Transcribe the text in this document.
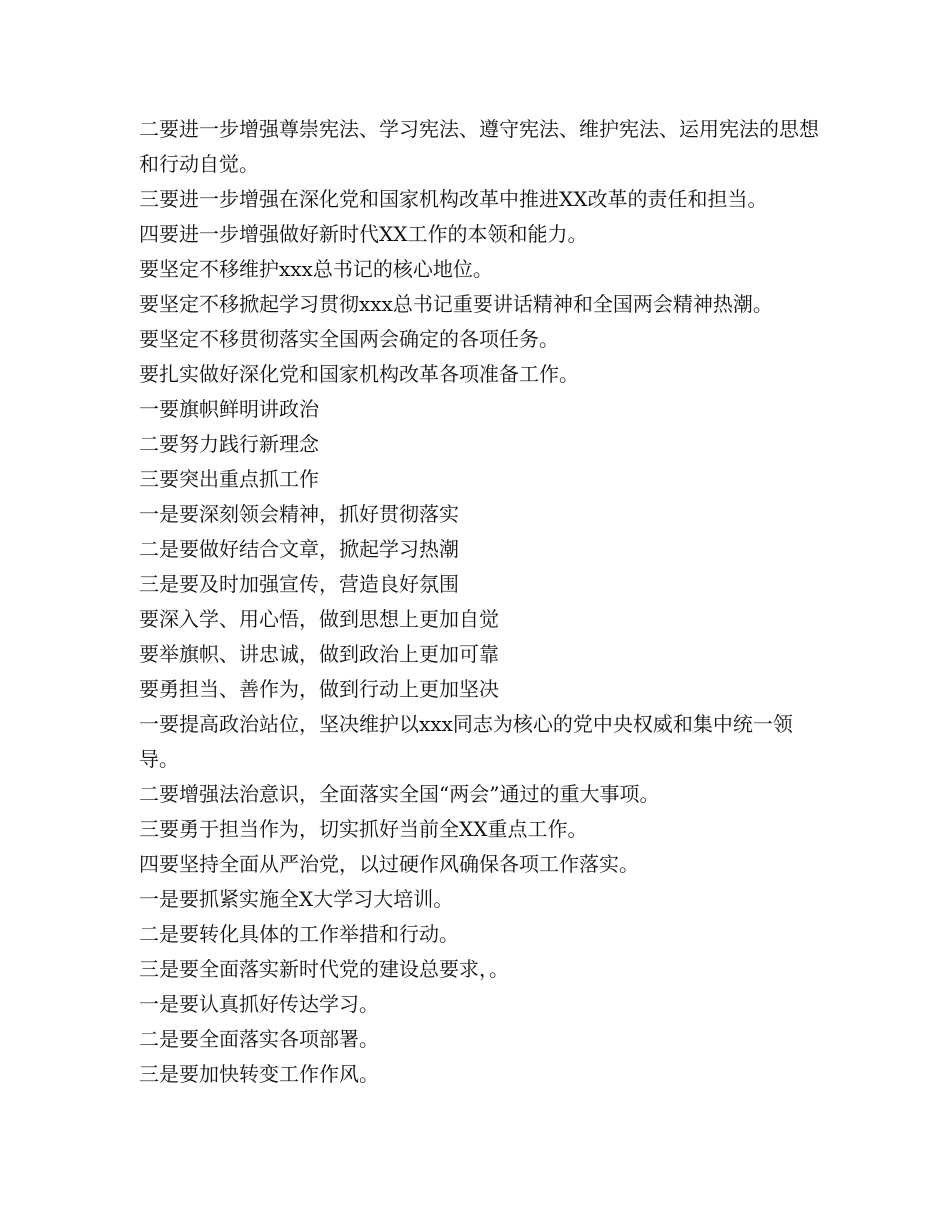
二要进一步增强尊崇宪法、学习宪法、遵守宪法、维护宪法、运用宪法的思想和行动自觉。

三要进一步增强在深化党和国家机构改革中推进XX改革的责任和担当。

四要进一步增强做好新时代XX工作的本领和能力。

要坚定不移维护xxx总书记的核心地位。

要坚定不移掀起学习贯彻xxx总书记重要讲话精神和全国两会精神热潮。

要坚定不移贯彻落实全国两会确定的各项任务。

要扎实做好深化党和国家机构改革各项准备工作。

一要旗帜鲜明讲政治

二要努力践行新理念

三要突出重点抓工作

一是要深刻领会精神，抓好贯彻落实

二是要做好结合文章，掀起学习热潮

三是要及时加强宣传，营造良好氛围

要深入学、用心悟，做到思想上更加自觉

要举旗帜、讲忠诚，做到政治上更加可靠

要勇担当、善作为，做到行动上更加坚决

一要提高政治站位，坚决维护以xxx同志为核心的党中央权威和集中统一领导。

二要增强法治意识，全面落实全国“两会”通过的重大事项。

三要勇于担当作为，切实抓好当前全XX重点工作。

四要坚持全面从严治党，以过硬作风确保各项工作落实。

一是要抓紧实施全X大学习大培训。

二是要转化具体的工作举措和行动。

三是要全面落实新时代党的建设总要求，。

一是要认真抓好传达学习。

二是要全面落实各项部署。

三是要加快转变工作作风。
